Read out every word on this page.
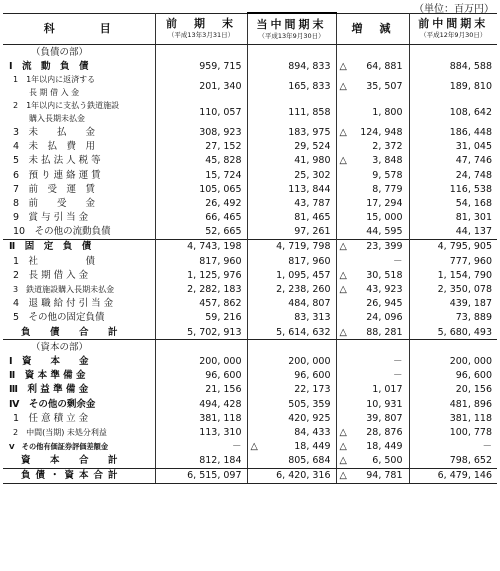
（単位：百万円）
科　　　目	前　期　末
（平成13年3月31日）	当中間期末
（平成13年9月30日）	増　減	前中間期末
（平成12年9月30日）

（負債の部）				
Ⅰ　流　動　負　債	959, 715	894, 833	△ 64, 881	884, 588
1　1年以内に返済する
　　長 期 借 入 金	201, 340	165, 833	△ 35, 507	189, 810
2　1年以内に支払う鉄道施設
　　購入長期未払金	110, 057	111, 858	1, 800	108, 642
3　未　　払　　金	308, 923	183, 975	△ 124, 948	186, 448
4　未　払　費　用	27, 152	29, 524	2, 372	31, 045
5　未 払 法 人 税 等	45, 828	41, 980	△ 3, 848	47, 746
6　預 り 連 絡 運 賃	15, 724	25, 302	9, 578	24, 748
7　前　受　運　賃	105, 065	113, 844	8, 779	116, 538
8　前　　受　　金	26, 492	43, 787	17, 294	54, 168
9　賞 与 引 当 金	66, 465	81, 465	15, 000	81, 301
10　その他の流動負債	52, 665	97, 261	44, 595	44, 137
Ⅱ　固　定　負　債	4, 743, 198	4, 719, 798	△ 23, 399	4, 795, 905
1　社　　　　　債	817, 960	817, 960	－	777, 960
2　長 期 借 入 金	1, 125, 976	1, 095, 457	△ 30, 518	1, 154, 790
3　鉄道施設購入長期未払金	2, 282, 183	2, 238, 260	△ 43, 923	2, 350, 078
4　退 職 給 付 引 当 金	457, 862	484, 807	26, 945	439, 187
5　その他の固定負債	59, 216	83, 313	24, 096	73, 889
負　債　合　計	5, 702, 913	5, 614, 632	△ 88, 281	5, 680, 493
（資本の部）				
Ⅰ　資　　本　　金	200, 000	200, 000	－	200, 000
Ⅱ　資 本 準 備 金	96, 600	96, 600	－	96, 600
Ⅲ　利 益 準 備 金	21, 156	22, 173	1, 017	20, 156
Ⅳ　その他の剰余金	494, 428	505, 359	10, 931	481, 896
1　任 意 積 立 金	381, 118	420, 925	39, 807	381, 118
2　中間(当期) 未処分利益	113, 310	84, 433	△ 28, 876	100, 778
Ⅴ　その他有価証券評価差額金	－	△ 18, 449	△ 18, 449	－
資　本　合　計	812, 184	805, 684	△ 6, 500	798, 652
負債・資本合計	6, 515, 097	6, 420, 316	△ 94, 781	6, 479, 146
